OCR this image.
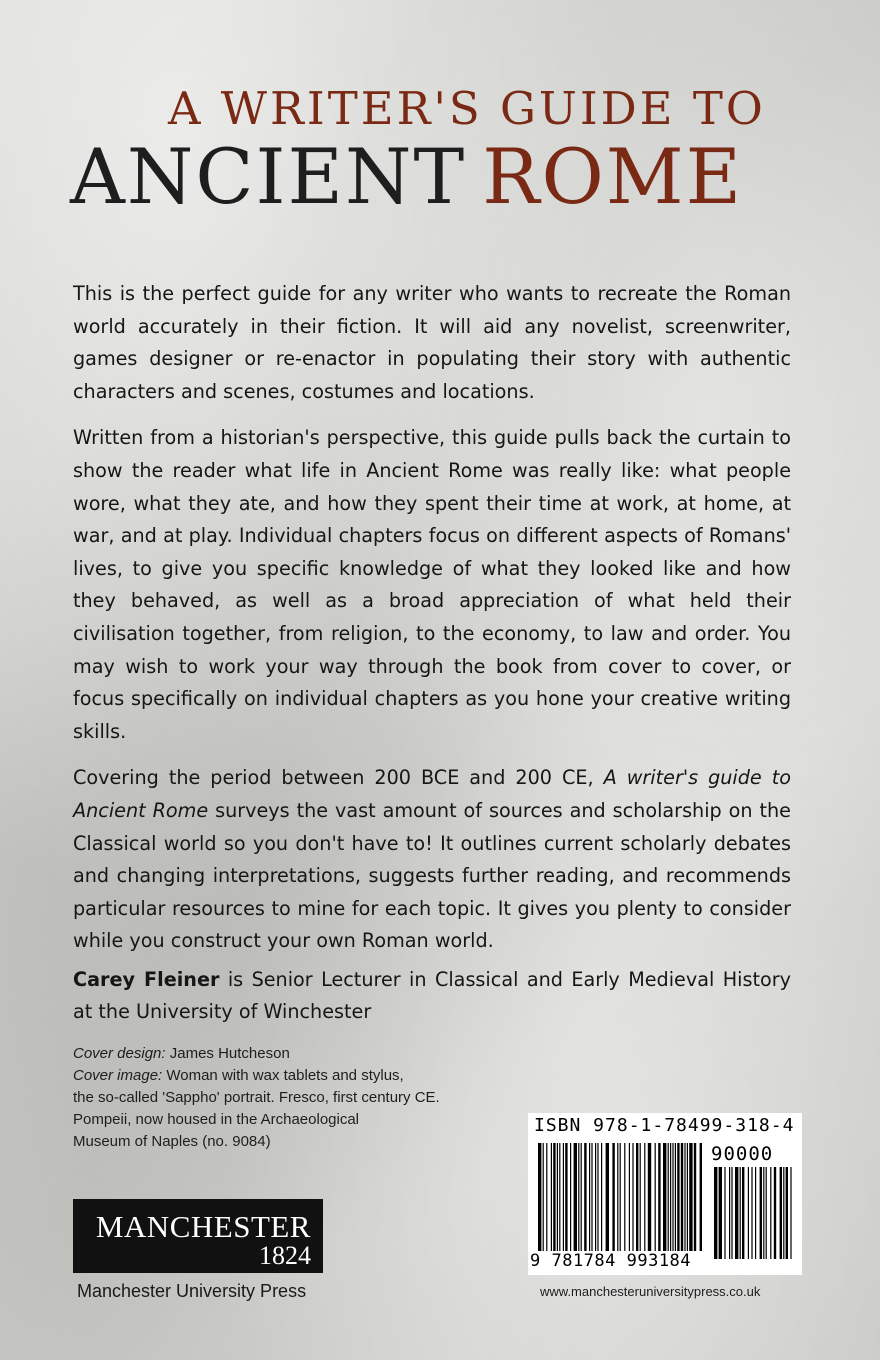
A WRITER'S GUIDE TO
ANCIENT ROME

This is the perfect guide for any writer who wants to recreate the Roman world accurately in their fiction. It will aid any novelist, screenwriter, games designer or re-enactor in populating their story with authentic characters and scenes, costumes and locations.

Written from a historian's perspective, this guide pulls back the curtain to show the reader what life in Ancient Rome was really like: what people wore, what they ate, and how they spent their time at work, at home, at war, and at play. Individual chapters focus on different aspects of Romans' lives, to give you specific knowledge of what they looked like and how they behaved, as well as a broad appreciation of what held their civilisation together, from religion, to the economy, to law and order. You may wish to work your way through the book from cover to cover, or focus specifically on individual chapters as you hone your creative writing skills.

Covering the period between 200 BCE and 200 CE, A writer's guide to Ancient Rome surveys the vast amount of sources and scholarship on the Classical world so you don't have to! It outlines current scholarly debates and changing interpretations, suggests further reading, and recommends particular resources to mine for each topic. It gives you plenty to consider while you construct your own Roman world.

Carey Fleiner is Senior Lecturer in Classical and Early Medieval History at the University of Winchester

Cover design: James Hutcheson
Cover image: Woman with wax tablets and stylus,
the so-called 'Sappho' portrait. Fresco, first century CE.
Pompeii, now housed in the Archaeological
Museum of Naples (no. 9084)
ISBN 978-1-78499-318-4
90000
9 781784 993184
www.manchesteruniversitypress.co.uk
MANCHESTER
1824
Manchester University Press
